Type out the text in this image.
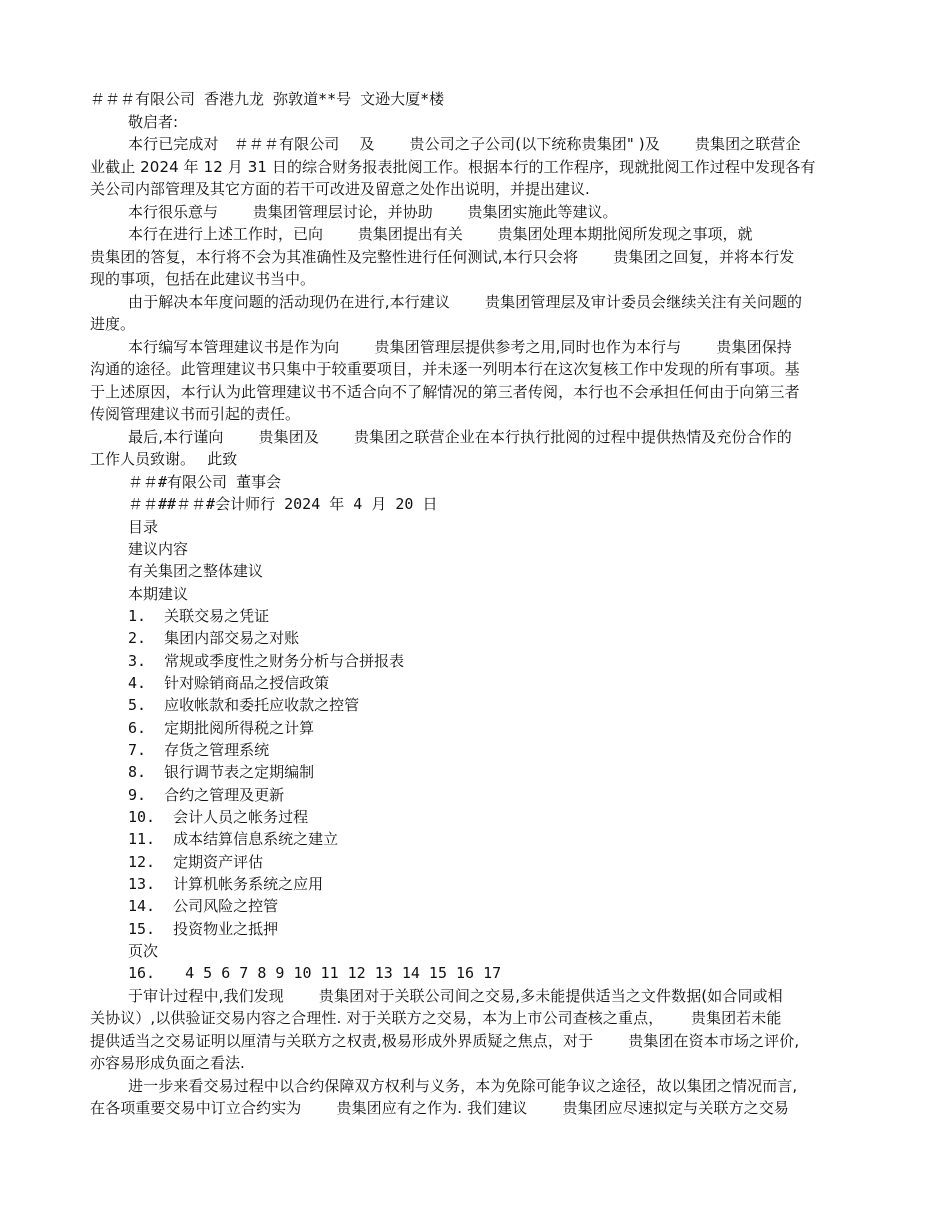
＃＃＃有限公司 香港九龙 弥敦道**号 文逊大厦*楼
敬启者:
本行已完成对　＃＃＃有限公司　 及　　 贵公司之子公司(以下统称贵集团" )及　　 贵集团之联营企
业截止 2024 年 12 月 31 日的综合财务报表批阅工作。根据本行的工作程序，现就批阅工作过程中发现各有
关公司内部管理及其它方面的若干可改进及留意之处作出说明，并提出建议.
本行很乐意与　　 贵集团管理层讨论，并协助　　 贵集团实施此等建议。
本行在进行上述工作时，已向　　 贵集团提出有关　　 贵集团处理本期批阅所发现之事项，就
贵集团的答复，本行将不会为其准确性及完整性进行任何测试,本行只会将　　 贵集团之回复，并将本行发
现的事项，包括在此建议书当中。
由于解决本年度问题的活动现仍在进行,本行建议　　 贵集团管理层及审计委员会继续关注有关问题的
进度。
本行编写本管理建议书是作为向　　 贵集团管理层提供参考之用,同时也作为本行与　　 贵集团保持
沟通的途径。此管理建议书只集中于较重要项目，并未逐一列明本行在这次复核工作中发现的所有事项。基
于上述原因，本行认为此管理建议书不适合向不了解情况的第三者传阅，本行也不会承担任何由于向第三者
传阅管理建议书而引起的责任。
最后,本行谨向　　 贵集团及　　 贵集团之联营企业在本行执行批阅的过程中提供热情及充份合作的
工作人员致谢。　 此致
＃＃#有限公司 董事会
＃＃##＃＃#会计师行 2024 年 4 月 20 日
目录
建议内容
有关集团之整体建议
本期建议
1.  关联交易之凭证
2.  集团内部交易之对账
3.  常规或季度性之财务分析与合拼报表
4.  针对赊销商品之授信政策
5.  应收帐款和委托应收款之控管
6.  定期批阅所得税之计算
7.  存货之管理系统
8.  银行调节表之定期编制
9.  合约之管理及更新
10.  会计人员之帐务过程
11.  成本结算信息系统之建立
12.  定期资产评估
13.  计算机帐务系统之应用
14.  公司风险之控管
15.  投资物业之抵押
页次
16.　　4 5 6 7 8 9 10 11 12 13 14 15 16 17
于审计过程中,我们发现　　 贵集团对于关联公司间之交易,多未能提供适当之文件数据(如合同或相
关协议）,以供验证交易内容之合理性. 对于关联方之交易，本为上市公司查核之重点，　　 贵集团若未能
提供适当之交易证明以厘清与关联方之权责,极易形成外界质疑之焦点，对于　　 贵集团在资本市场之评价,
亦容易形成负面之看法.
进一步来看交易过程中以合约保障双方权利与义务，本为免除可能争议之途径，故以集团之情况而言,
在各项重要交易中订立合约实为　　 贵集团应有之作为. 我们建议　　 贵集团应尽速拟定与关联方之交易
